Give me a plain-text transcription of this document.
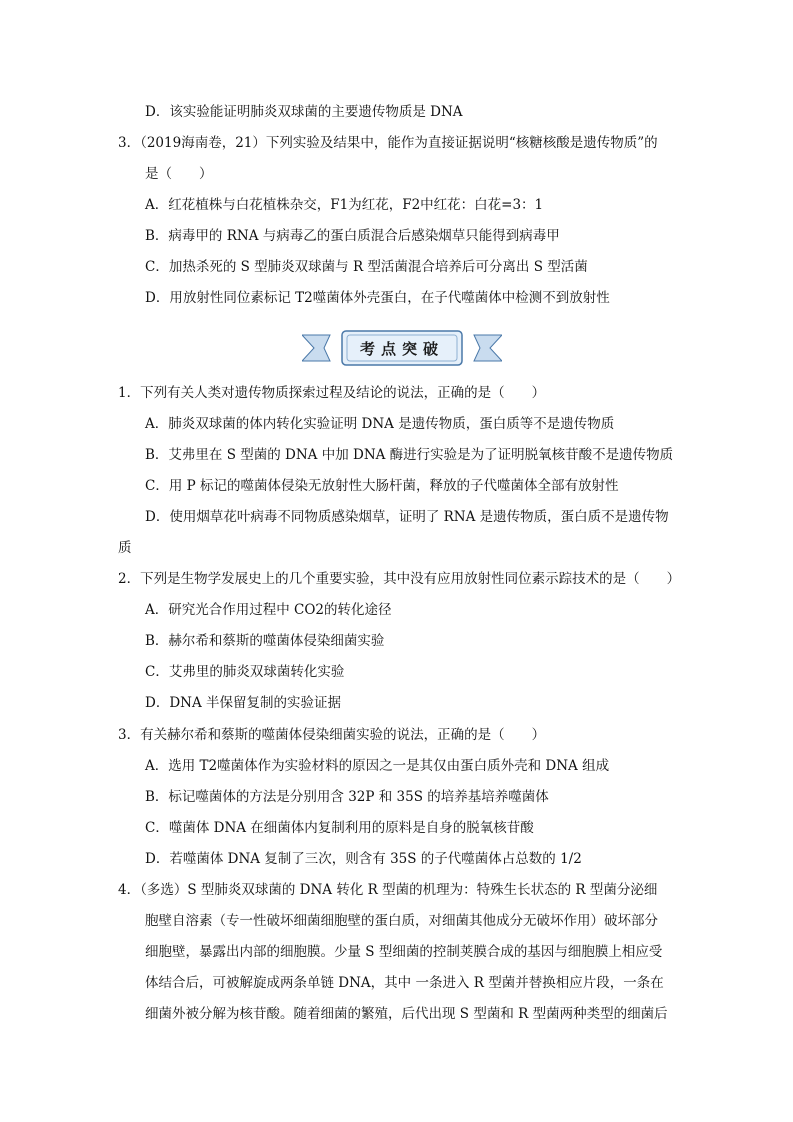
D．该实验能证明肺炎双球菌的主要遗传物质是 DNA
3．（2019海南卷，21）下列实验及结果中，能作为直接证据说明“核糖核酸是遗传物质”的
是（　　）
A．红花植株与白花植株杂交，F1为红花，F2中红花：白花=3：1
B．病毒甲的 RNA 与病毒乙的蛋白质混合后感染烟草只能得到病毒甲
C．加热杀死的 S 型肺炎双球菌与 R 型活菌混合培养后可分离出 S 型活菌
D．用放射性同位素标记 T2噬菌体外壳蛋白，在子代噬菌体中检测不到放射性
考点突破
1．下列有关人类对遗传物质探索过程及结论的说法，正确的是（　　）
A．肺炎双球菌的体内转化实验证明 DNA 是遗传物质，蛋白质等不是遗传物质
B．艾弗里在 S 型菌的 DNA 中加 DNA 酶进行实验是为了证明脱氧核苷酸不是遗传物质
C．用 P 标记的噬菌体侵染无放射性大肠杆菌，释放的子代噬菌体全部有放射性
D．使用烟草花叶病毒不同物质感染烟草，证明了 RNA 是遗传物质，蛋白质不是遗传物
质
2．下列是生物学发展史上的几个重要实验，其中没有应用放射性同位素示踪技术的是（　　）
A．研究光合作用过程中 CO2的转化途径
B．赫尔希和蔡斯的噬菌体侵染细菌实验
C．艾弗里的肺炎双球菌转化实验
D．DNA 半保留复制的实验证据
3．有关赫尔希和蔡斯的噬菌体侵染细菌实验的说法，正确的是（　　）
A．选用 T2噬菌体作为实验材料的原因之一是其仅由蛋白质外壳和 DNA 组成
B．标记噬菌体的方法是分别用含 32P 和 35S 的培养基培养噬菌体
C．噬菌体 DNA 在细菌体内复制利用的原料是自身的脱氧核苷酸
D．若噬菌体 DNA 复制了三次，则含有 35S 的子代噬菌体占总数的 1/2
4．（多选）S 型肺炎双球菌的 DNA 转化 R 型菌的机理为：特殊生长状态的 R 型菌分泌细
胞壁自溶素（专一性破坏细菌细胞壁的蛋白质，对细菌其他成分无破坏作用）破坏部分
细胞壁，暴露出内部的细胞膜。少量 S 型细菌的控制荚膜合成的基因与细胞膜上相应受
体结合后，可被解旋成两条单链 DNA，其中 一条进入 R 型菌并替换相应片段，一条在
细菌外被分解为核苷酸。随着细菌的繁殖，后代出现 S 型菌和 R 型菌两种类型的细菌后
